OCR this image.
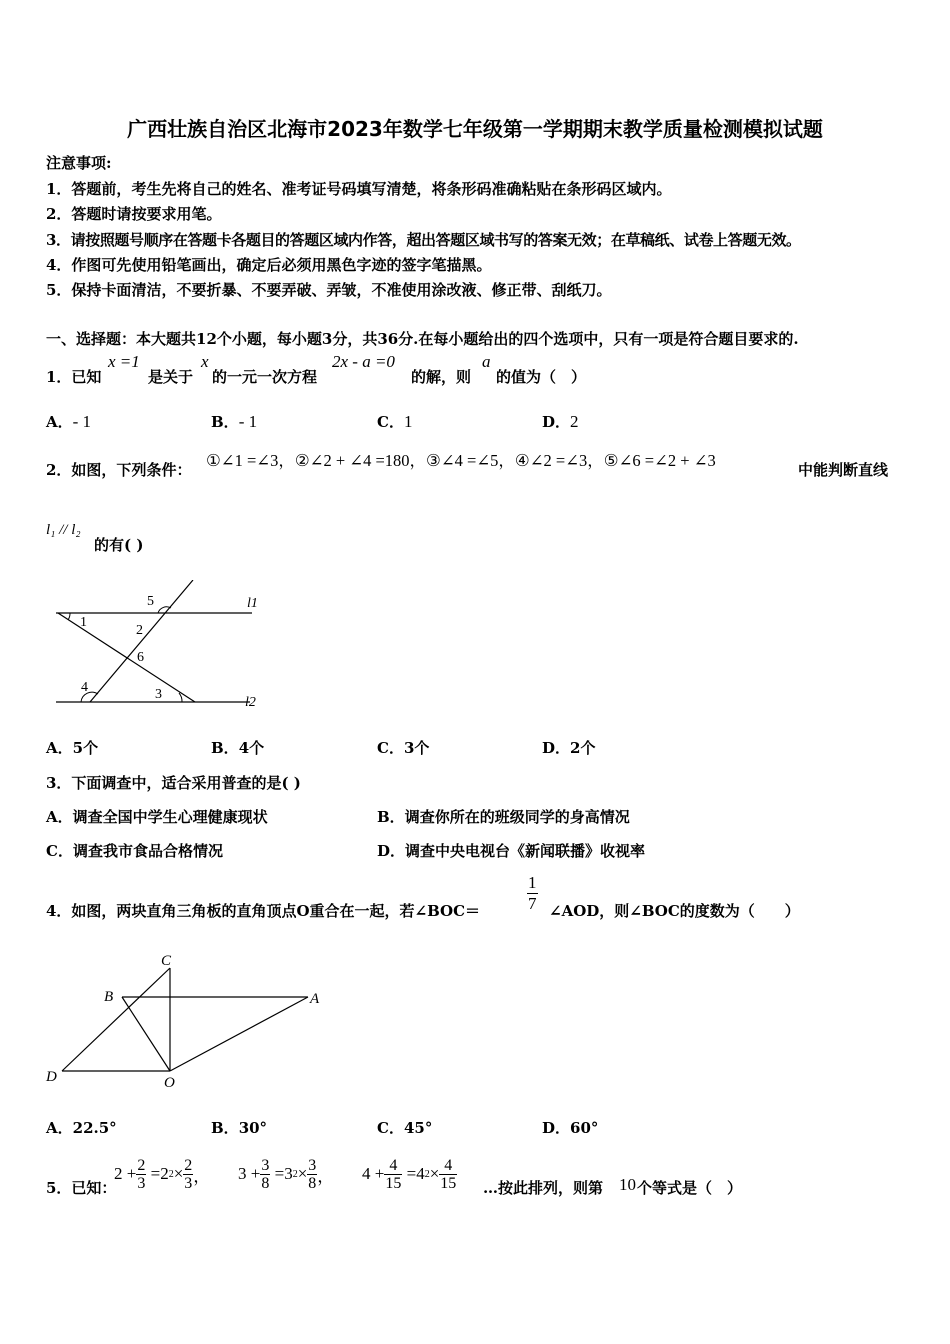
广西壮族自治区北海市2023年数学七年级第一学期期末教学质量检测模拟试题
注意事项:
1．答题前，考生先将自己的姓名、准考证号码填写清楚，将条形码准确粘贴在条形码区域内。
2．答题时请按要求用笔。
3．请按照题号顺序在答题卡各题目的答题区域内作答，超出答题区域书写的答案无效；在草稿纸、试卷上答题无效。
4．作图可先使用铅笔画出，确定后必须用黑色字迹的签字笔描黑。
5．保持卡面清洁，不要折暴、不要弄破、弄皱，不准使用涂改液、修正带、刮纸刀。
一、选择题：本大题共12个小题，每小题3分，共36分.在每小题给出的四个选项中，只有一项是符合题目要求的.
1．已知
x =1
是关于
x
的一元一次方程
2x - a =0
的解，则
a
的值为（　）
A．- 1	B．- 1	C．1	D．2
2．如图，下列条件： ①∠1 =∠3，②∠2 + ∠4 =180，③∠4 =∠5，④∠2 =∠3，⑤∠6 =∠2 + ∠3	中能判断直线
l₁ // l₂
的有( )
1
2
3
4
5
6
l1
l2
A．5个	B．4个	C．3个	D．2个
3．下面调查中，适合采用普查的是( )
A．调查全国中学生心理健康现状	B．调查你所在的班级同学的身高情况
C．调查我市食品合格情况	D．调查中央电视台《新闻联播》收视率
4．如图，两块直角三角板的直角顶点O重合在一起，若∠BOC＝	$\frac{1}{7}$ ∠AOD，则∠BOC的度数为（　　）
C
B	A
D	O
A．22.5°	B．30°	C．45°	D．60°
5．已知：
$2 + \frac{2}{3} = 2$ $2 \times \frac{2}{3}$ ， $3 + \frac{3}{8} = 3$ $2 \times \frac{3}{8}$ ， $4 + \frac{4}{15} = 4$ $2 \times \frac{4}{15}$ …按此排列，则第 10 个等式是（　）
